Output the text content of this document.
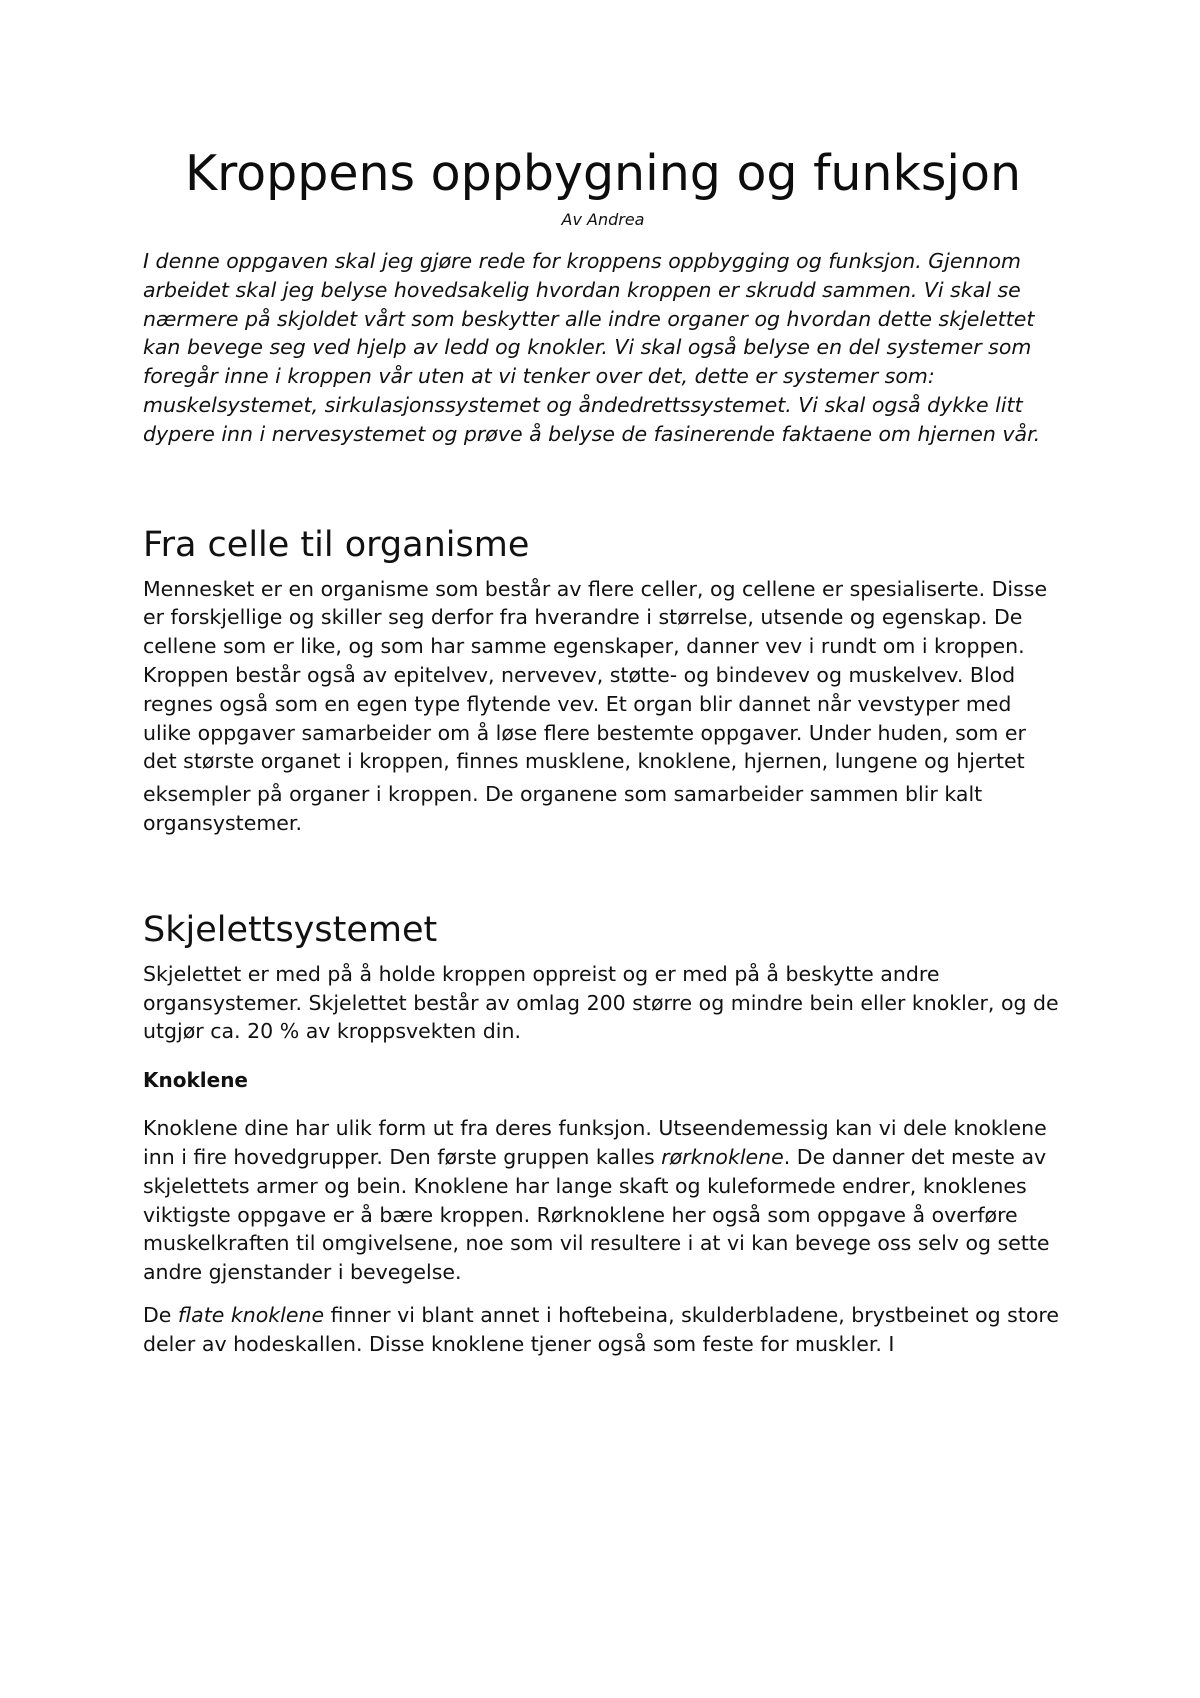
Kroppens oppbygning og funksjon
Av Andrea

I denne oppgaven skal jeg gjøre rede for kroppens oppbygging og funksjon. Gjennom arbeidet skal jeg belyse hovedsakelig hvordan kroppen er skrudd sammen. Vi skal se nærmere på skjoldet vårt som beskytter alle indre organer og hvordan dette skjelettet kan bevege seg ved hjelp av ledd og knokler. Vi skal også belyse en del systemer som foregår inne i kroppen vår uten at vi tenker over det, dette er systemer som: muskelsystemet, sirkulasjonssystemet og åndedrettssystemet. Vi skal også dykke litt dypere inn i nervesystemet og prøve å belyse de fasinerende faktaene om hjernen vår.

Fra celle til organisme

Mennesket er en organisme som består av flere celler, og cellene er spesialiserte. Disse er forskjellige og skiller seg derfor fra hverandre i størrelse, utsende og egenskap. De cellene som er like, og som har samme egenskaper, danner vev i rundt om i kroppen. Kroppen består også av epitelvev, nervevev, støtte- og bindevev og muskelvev. Blod regnes også som en egen type flytende vev. Et organ blir dannet når vevstyper med ulike oppgaver samarbeider om å løse flere bestemte oppgaver. Under huden, som er det største organet i kroppen, finnes musklene, knoklene, hjernen, lungene og hjertet

eksempler på organer i kroppen. De organene som samarbeider sammen blir kalt organsystemer.

Skjelettsystemet

Skjelettet er med på å holde kroppen oppreist og er med på å beskytte andre organsystemer. Skjelettet består av omlag 200 større og mindre bein eller knokler, og de utgjør ca. 20 % av kroppsvekten din.

Knoklene

Knoklene dine har ulik form ut fra deres funksjon. Utseendemessig kan vi dele knoklene inn i fire hovedgrupper. Den første gruppen kalles rørknoklene. De danner det meste av skjelettets armer og bein. Knoklene har lange skaft og kuleformede endrer, knoklenes viktigste oppgave er å bære kroppen. Rørknoklene her også som oppgave å overføre muskelkraften til omgivelsene, noe som vil resultere i at vi kan bevege oss selv og sette andre gjenstander i bevegelse.

De flate knoklene finner vi blant annet i hoftebeina, skulderbladene, brystbeinet og store deler av hodeskallen. Disse knoklene tjener også som feste for muskler. I
